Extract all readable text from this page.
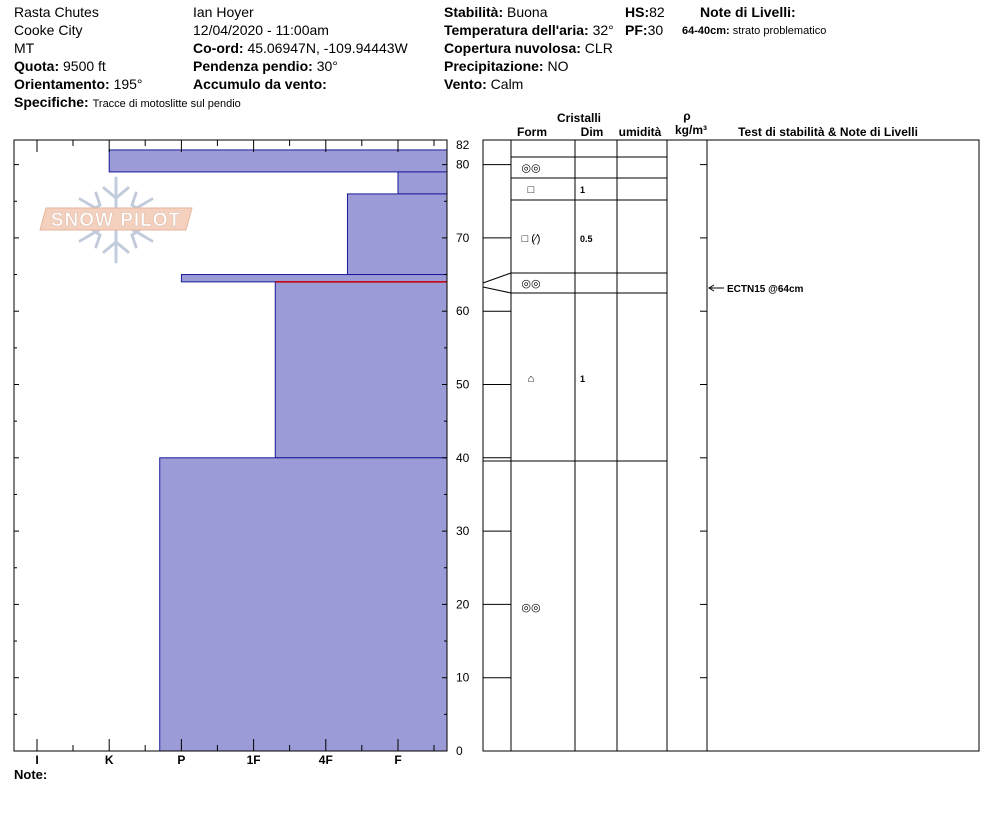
Rasta Chutes
Cooke City
MT
Quota: 9500 ft
Orientamento: 195°
Specifiche: Tracce di motoslitte sul pendio
Ian Hoyer
12/04/2020 - 11:00am
Co-ord: 45.06947N, -109.94443W
Pendenza pendio: 30°
Accumulo da vento:
Stabilità: Buona
Temperatura dell'aria: 32°
Copertura nuvolosa: CLR
Precipitazione: NO
Vento: Calm
HS:82
PF:30
Note di Livelli:
64-40cm: strato problematico
SNOW PILOT
0
10
20
30
40
50
60
70
80
82
I	K	P	1F	4F	F
Cristalli
Form	Dim umidità
ρ
kg/m³	Test di stabilità & Note di Livelli
◎◎
□	1
□ (⁄)	0.5
◎◎
⌂	1
◎◎
ECTN15 @64cm
Note:
